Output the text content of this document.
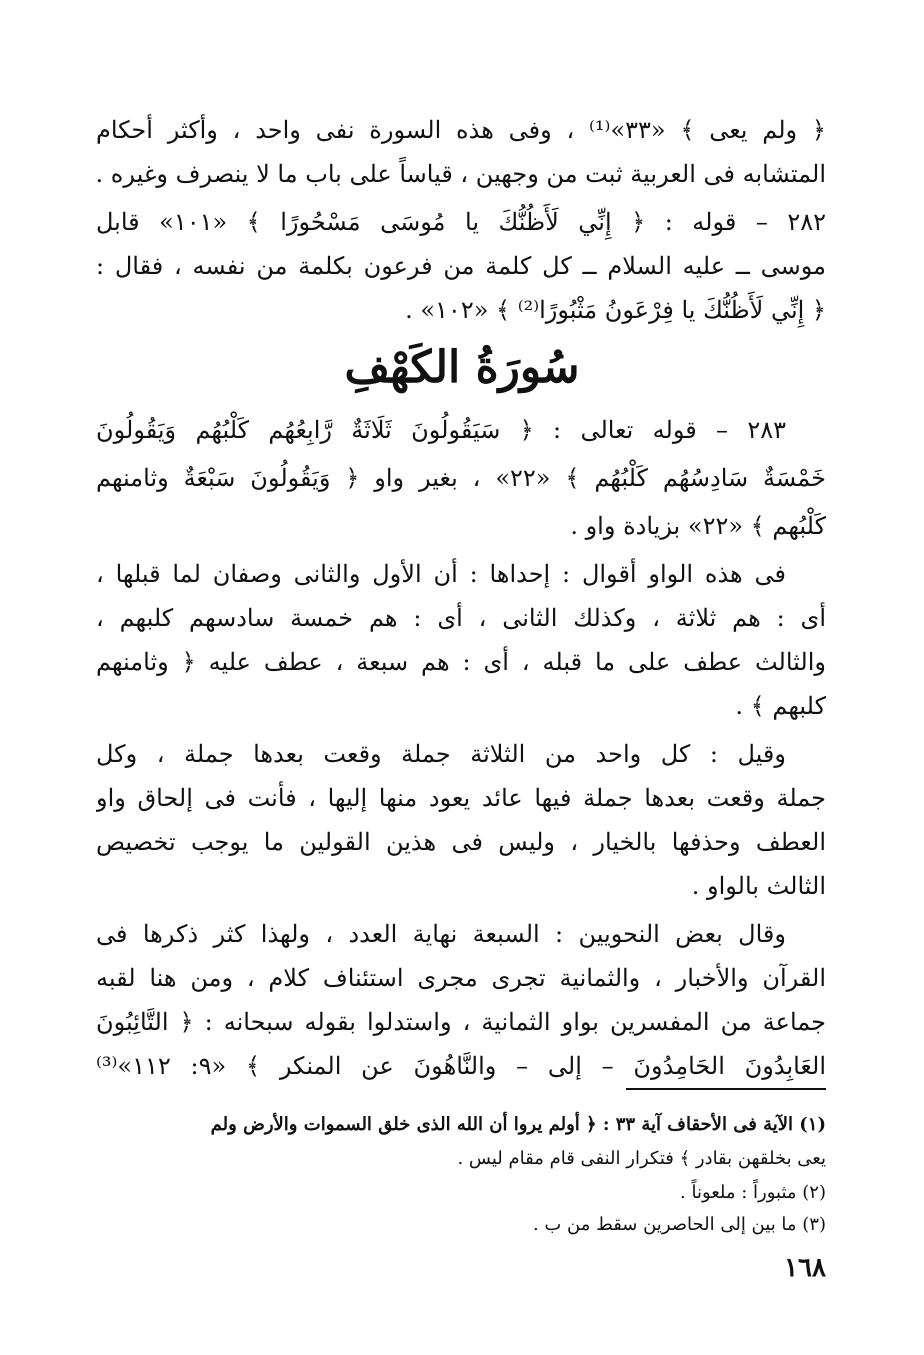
﴿ ولم يعى ﴾ «٣٣»⁽¹⁾ ، وفى هذه السورة نفى واحد ، وأكثر أحكام
المتشابه فى العربية ثبت من وجهين ، قياساً على باب ما لا ينصرف وغيره .
٢٨٢ – قوله : ﴿ إِنِّي لَأَظُنُّكَ يا مُوسَى مَسْحُورًا ﴾ «١٠١» قابل
موسى ــ عليه السلام ــ كل كلمة من فرعون بكلمة من نفسه ، فقال :
﴿ إِنِّي لَأَظُنُّكَ يا فِرْعَونُ مَثْبُورًا⁽²⁾ ﴾ «١٠٢» .
سُورَةُ الكَهْفِ
٢٨٣ – قوله تعالى : ﴿ سَيَقُولُونَ ثَلَاثَةٌ رَّابِعُهُم كَلْبُهُم وَيَقُولُونَ
خَمْسَةٌ سَادِسُهُم كَلْبُهُم ﴾ «٢٢» ، بغير واو ﴿ وَيَقُولُونَ سَبْعَةٌ وثامنهم
كَلْبُهم ﴾ «٢٢» بزيادة واو .
فى هذه الواو أقوال : إحداها : أن الأول والثانى وصفان لما قبلها ،
أى : هم ثلاثة ، وكذلك الثانى ، أى : هم خمسة سادسهم كلبهم ،
والثالث عطف على ما قبله ، أى : هم سبعة ، عطف عليه ﴿ وثامنهم
كلبهم ﴾ .
وقيل : كل واحد من الثلاثة جملة وقعت بعدها جملة ، وكل
جملة وقعت بعدها جملة فيها عائد يعود منها إليها ، فأنت فى إلحاق واو
العطف وحذفها بالخيار ، وليس فى هذين القولين ما يوجب تخصيص
الثالث بالواو .
وقال بعض النحويين : السبعة نهاية العدد ، ولهذا كثر ذكرها فى
القرآن والأخبار ، والثمانية تجرى مجرى استئناف كلام ، ومن هنا لقبه
جماعة من المفسرين بواو الثمانية ، واستدلوا بقوله سبحانه : ﴿ التَّائِبُونَ
العَابِدُونَ الحَامِدُونَ – إلى – والنَّاهُونَ عن المنكر ﴾ «٩: ١١٢»⁽³⁾
(١) الآية فى الأحقاف آية ٣٣ : ﴿ أولم يروا أن الله الذى خلق السموات والأرض ولم
يعى بخلقهن بقادر ﴾ فتكرار النفى قام مقام ليس .
(٢) مثبوراً : ملعوناً .
(٣) ما بين إلى الحاصرين سقط من ب .
١٦٨
